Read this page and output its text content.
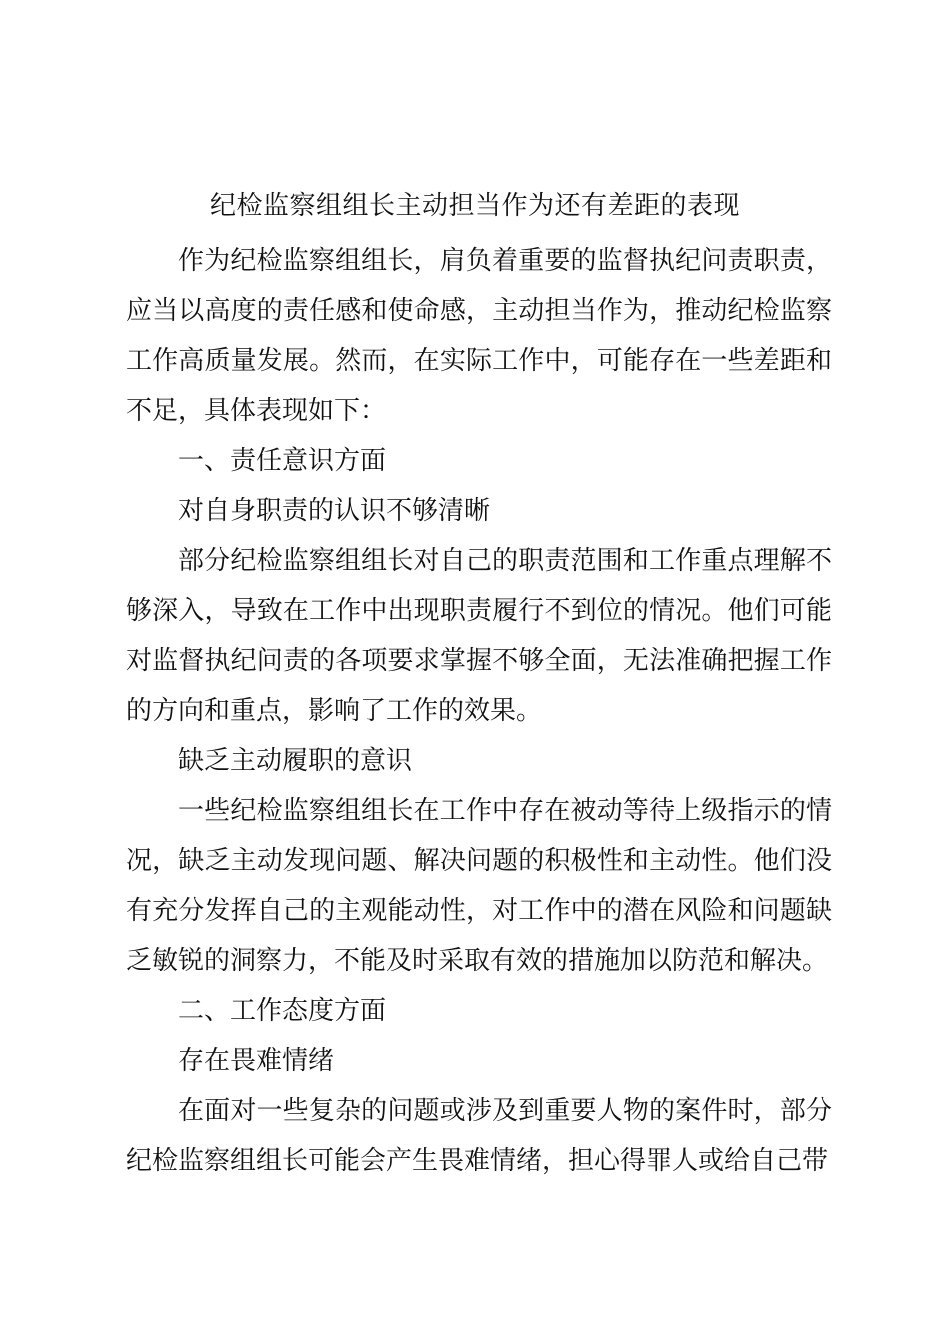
纪检监察组组长主动担当作为还有差距的表现

作为纪检监察组组长，肩负着重要的监督执纪问责职责，应当以高度的责任感和使命感，主动担当作为，推动纪检监察工作高质量发展。然而，在实际工作中，可能存在一些差距和不足，具体表现如下：

一、责任意识方面

对自身职责的认识不够清晰

部分纪检监察组组长对自己的职责范围和工作重点理解不够深入，导致在工作中出现职责履行不到位的情况。他们可能对监督执纪问责的各项要求掌握不够全面，无法准确把握工作的方向和重点，影响了工作的效果。

缺乏主动履职的意识

一些纪检监察组组长在工作中存在被动等待上级指示的情况，缺乏主动发现问题、解决问题的积极性和主动性。他们没有充分发挥自己的主观能动性，对工作中的潜在风险和问题缺乏敏锐的洞察力，不能及时采取有效的措施加以防范和解决。

二、工作态度方面

存在畏难情绪

在面对一些复杂的问题或涉及到重要人物的案件时，部分纪检监察组组长可能会产生畏难情绪，担心得罪人或给自己带
